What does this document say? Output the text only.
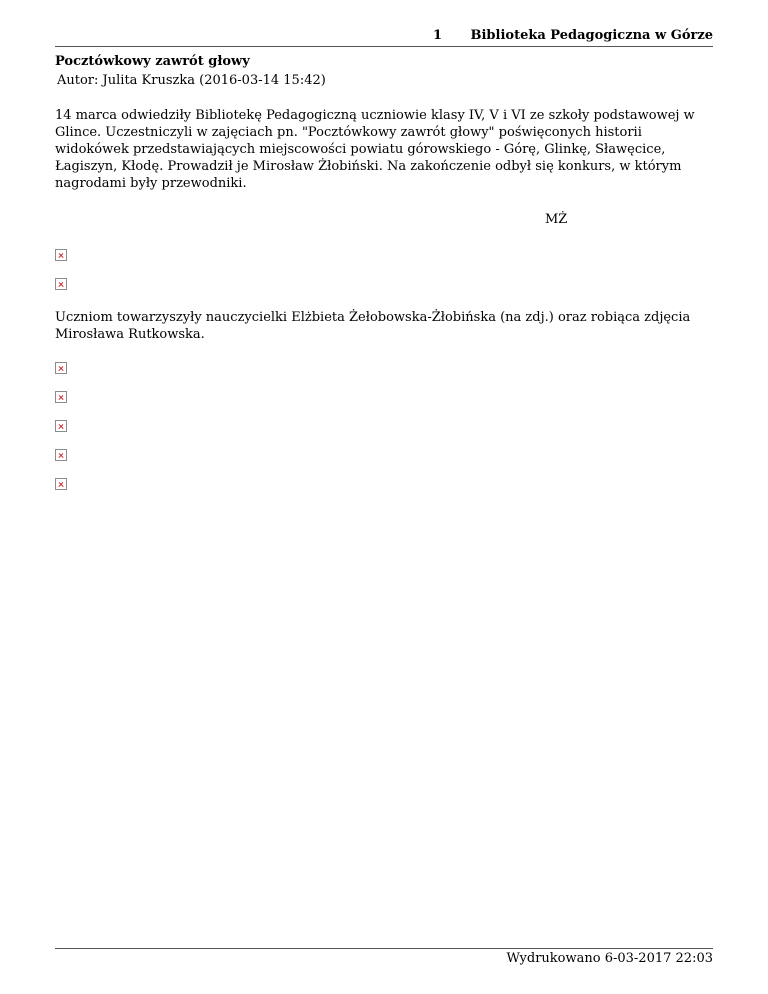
1 Biblioteka Pedagogiczna w Górze
Pocztówkowy zawrót głowy
Autor: Julita Kruszka (2016-03-14 15:42)

14 marca odwiedziły Bibliotekę Pedagogiczną uczniowie klasy IV, V i VI ze szkoły podstawowej w Glince. Uczestniczyli w zajęciach pn. "Pocztówkowy zawrót głowy" poświęconych historii widokówek przedstawiających miejscowości powiatu górowskiego - Górę, Glinkę, Sławęcice, Łagiszyn, Kłodę. Prowadził je Mirosław Żłobiński. Na zakończenie odbył się konkurs, w którym nagrodami były przewodniki.

MŻ

Uczniom towarzyszyły nauczycielki Elżbieta Żełobowska-Żłobińska (na zdj.) oraz robiąca zdjęcia Mirosława Rutkowska.

Wydrukowano 6-03-2017 22:03
